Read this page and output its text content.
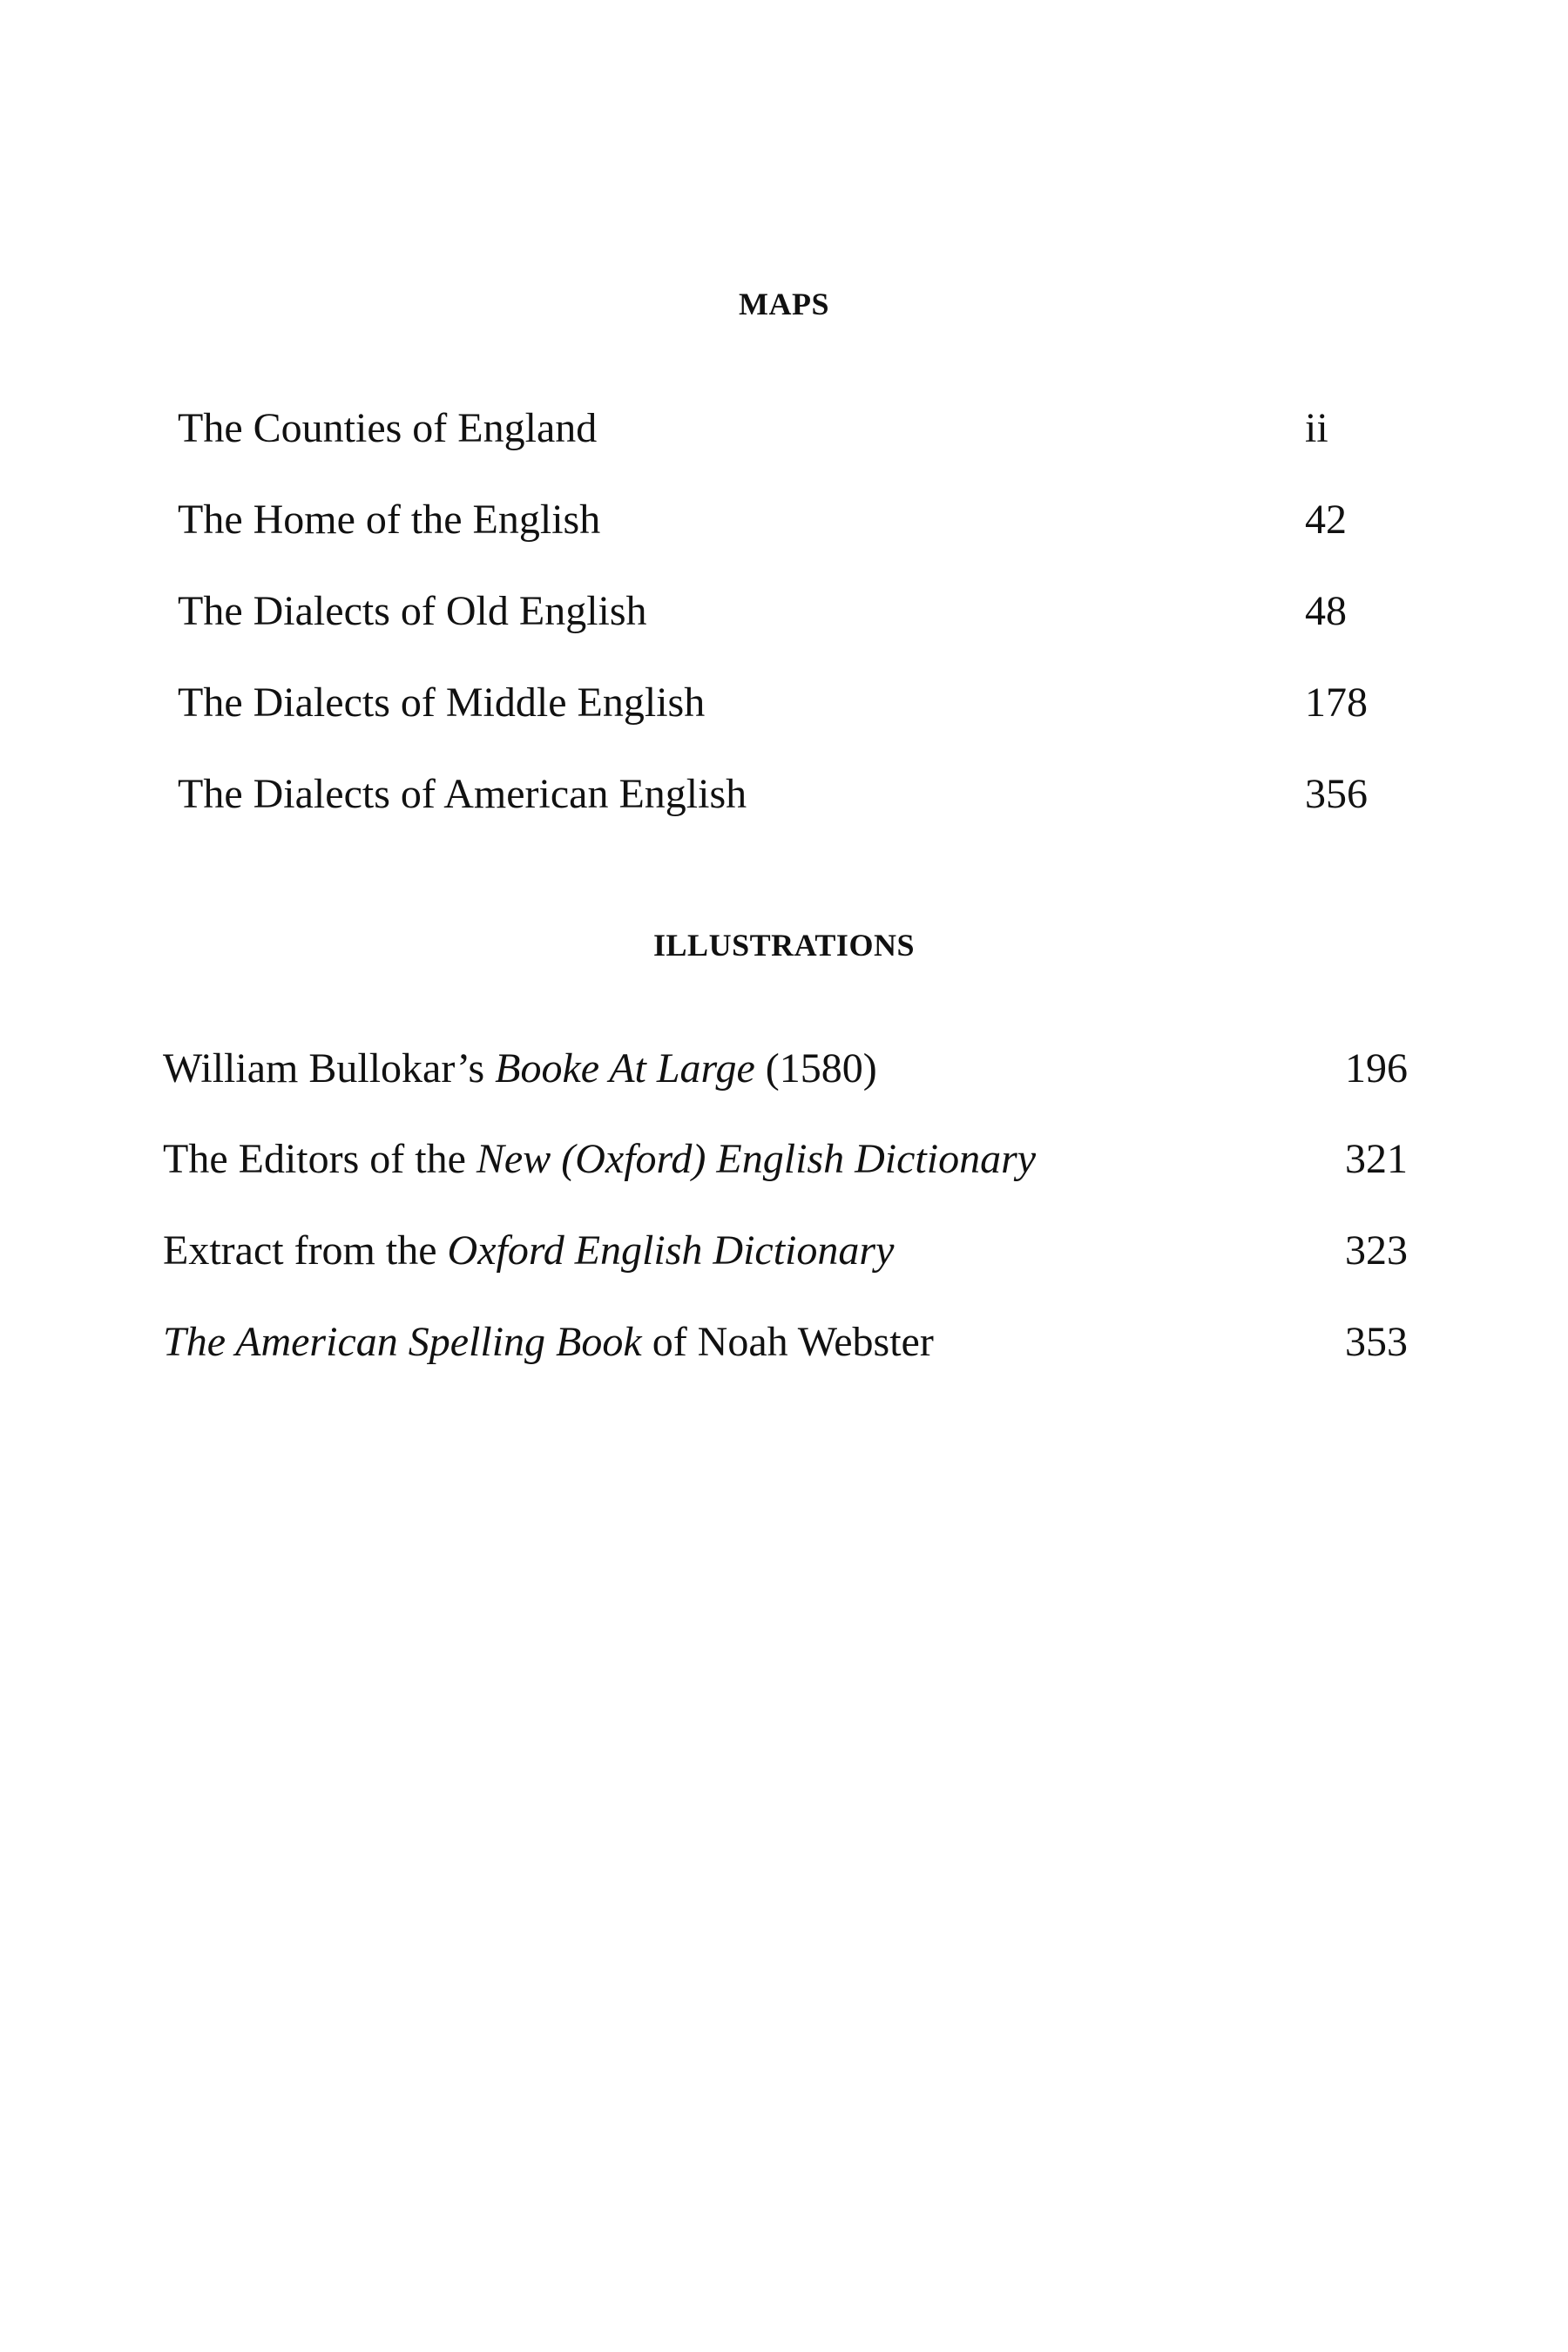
MAPS
The Counties of England	ii
The Home of the English	42
The Dialects of Old English	48
The Dialects of Middle English	178
The Dialects of American English	356
ILLUSTRATIONS
William Bullokar’s Booke At Large (1580)	196
The Editors of the New (Oxford) English Dictionary	321
Extract from the Oxford English Dictionary	323
The American Spelling Book of Noah Webster	353
